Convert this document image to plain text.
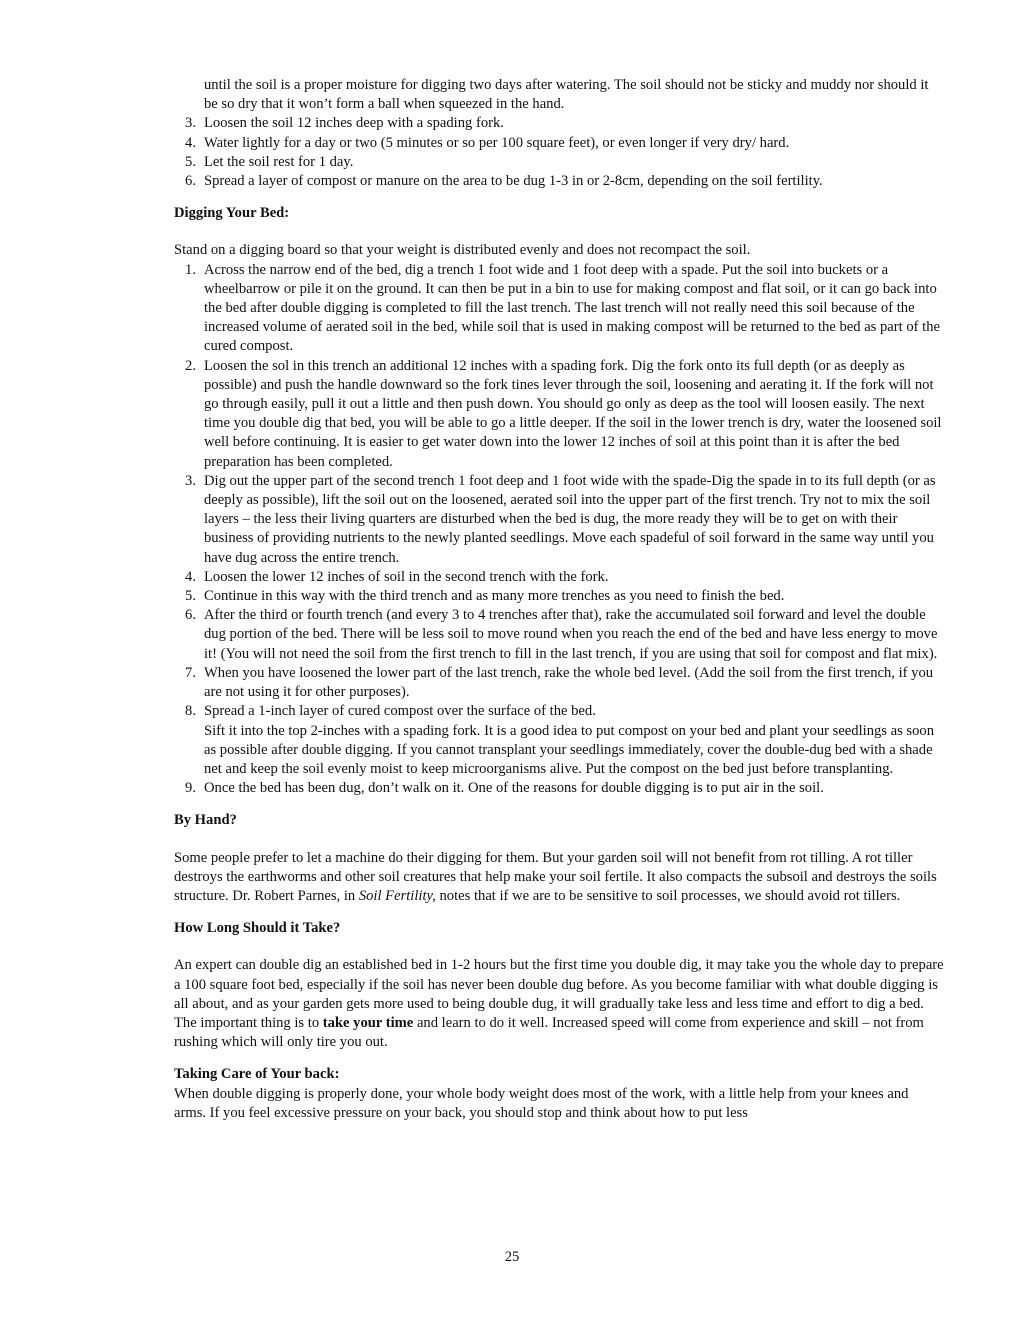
until the soil is a proper moisture for digging two days after watering. The soil should not be sticky and muddy nor should it be so dry that it won’t form a ball when squeezed in the hand.

3. Loosen the soil 12 inches deep with a spading fork.
4. Water lightly for a day or two (5 minutes or so per 100 square feet), or even longer if very dry/ hard.
5. Let the soil rest for 1 day.
6. Spread a layer of compost or manure on the area to be dug 1-3 in or 2-8cm, depending on the soil fertility.

Digging Your Bed:

Stand on a digging board so that your weight is distributed evenly and does not recompact the soil.

1. Across the narrow end of the bed, dig a trench 1 foot wide and 1 foot deep with a spade. Put the soil into buckets or a wheelbarrow or pile it on the ground. It can then be put in a bin to use for making compost and flat soil, or it can go back into the bed after double digging is completed to fill the last trench. The last trench will not really need this soil because of the increased volume of aerated soil in the bed, while soil that is used in making compost will be returned to the bed as part of the cured compost.
2. Loosen the sol in this trench an additional 12 inches with a spading fork. Dig the fork onto its full depth (or as deeply as possible) and push the handle downward so the fork tines lever through the soil, loosening and aerating it. If the fork will not go through easily, pull it out a little and then push down. You should go only as deep as the tool will loosen easily. The next time you double dig that bed, you will be able to go a little deeper. If the soil in the lower trench is dry, water the loosened soil well before continuing. It is easier to get water down into the lower 12 inches of soil at this point than it is after the bed preparation has been completed.
3. Dig out the upper part of the second trench 1 foot deep and 1 foot wide with the spade-Dig the spade in to its full depth (or as deeply as possible), lift the soil out on the loosened, aerated soil into the upper part of the first trench. Try not to mix the soil layers – the less their living quarters are disturbed when the bed is dug, the more ready they will be to get on with their business of providing nutrients to the newly planted seedlings. Move each spadeful of soil forward in the same way until you have dug across the entire trench.
4. Loosen the lower 12 inches of soil in the second trench with the fork.
5. Continue in this way with the third trench and as many more trenches as you need to finish the bed.
6. After the third or fourth trench (and every 3 to 4 trenches after that), rake the accumulated soil forward and level the double dug portion of the bed. There will be less soil to move round when you reach the end of the bed and have less energy to move it! (You will not need the soil from the first trench to fill in the last trench, if you are using that soil for compost and flat mix).
7. When you have loosened the lower part of the last trench, rake the whole bed level. (Add the soil from the first trench, if you are not using it for other purposes).
8. Spread a 1-inch layer of cured compost over the surface of the bed.
Sift it into the top 2-inches with a spading fork. It is a good idea to put compost on your bed and plant your seedlings as soon as possible after double digging. If you cannot transplant your seedlings immediately, cover the double-dug bed with a shade net and keep the soil evenly moist to keep microorganisms alive. Put the compost on the bed just before transplanting.
9. Once the bed has been dug, don’t walk on it. One of the reasons for double digging is to put air in the soil.

By Hand?

Some people prefer to let a machine do their digging for them. But your garden soil will not benefit from rot tilling. A rot tiller destroys the earthworms and other soil creatures that help make your soil fertile. It also compacts the subsoil and destroys the soils structure. Dr. Robert Parnes, in Soil Fertility, notes that if we are to be sensitive to soil processes, we should avoid rot tillers.

How Long Should it Take?

An expert can double dig an established bed in 1-2 hours but the first time you double dig, it may take you the whole day to prepare a 100 square foot bed, especially if the soil has never been double dug before. As you become familiar with what double digging is all about, and as your garden gets more used to being double dug, it will gradually take less and less time and effort to dig a bed. The important thing is to take your time and learn to do it well. Increased speed will come from experience and skill – not from rushing which will only tire you out.

Taking Care of Your back:

When double digging is properly done, your whole body weight does most of the work, with a little help from your knees and arms. If you feel excessive pressure on your back, you should stop and think about how to put less

25
